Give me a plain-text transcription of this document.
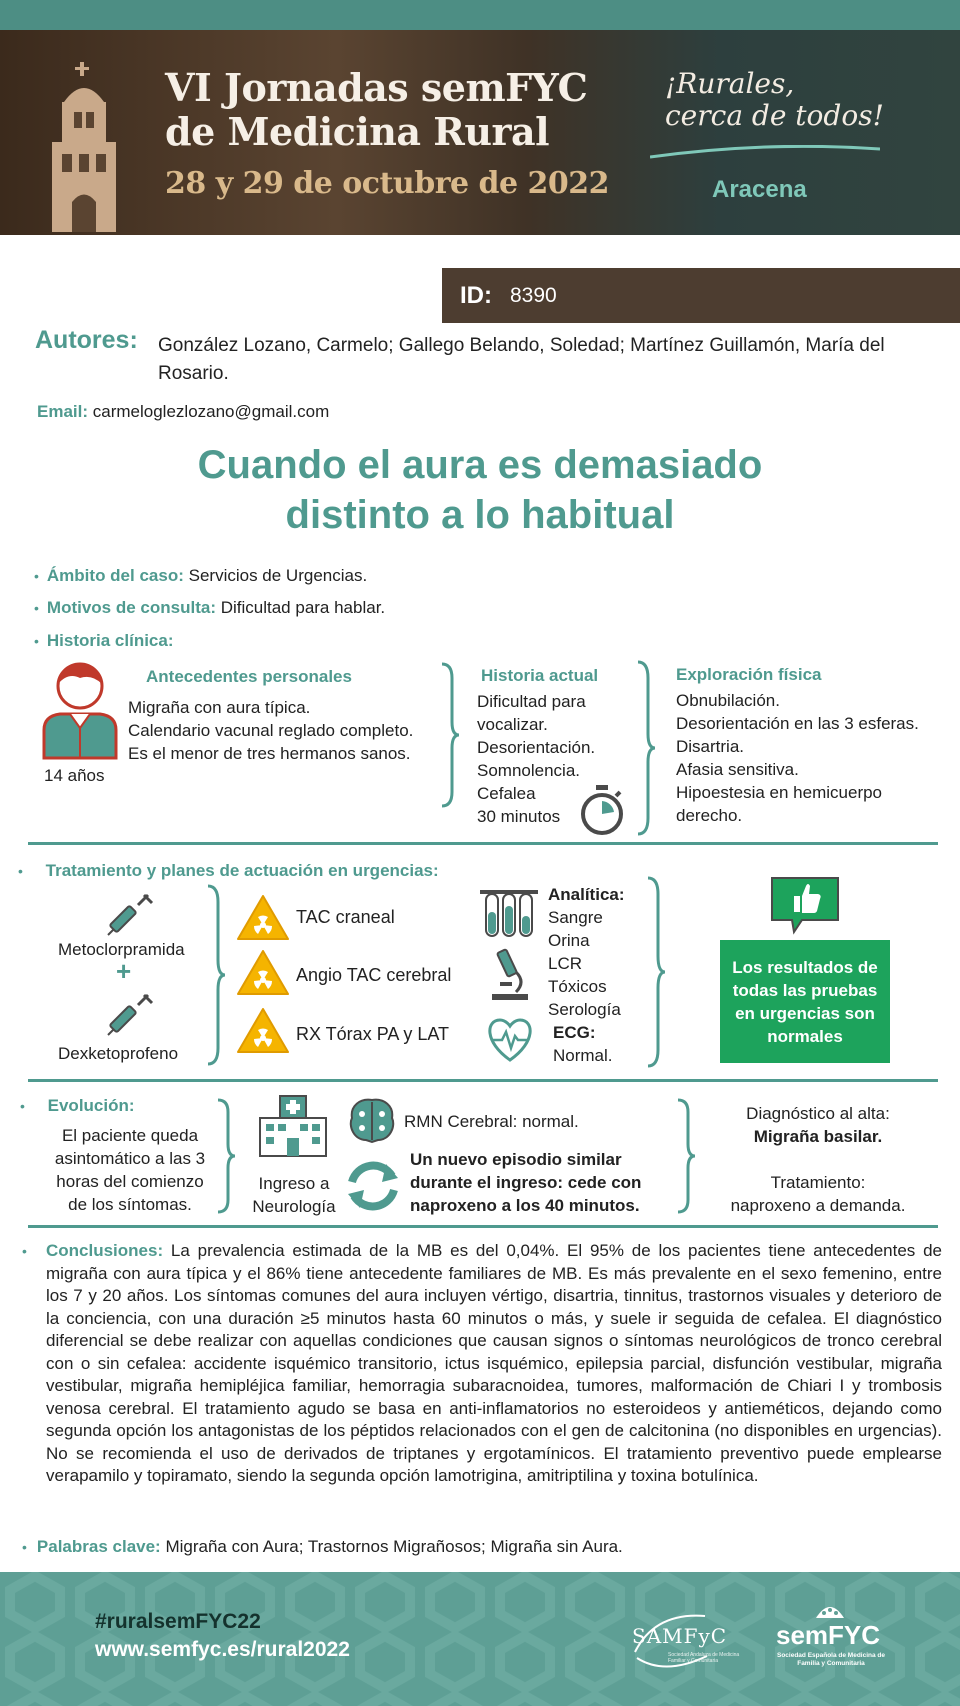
VI Jornadas semFYC
de Medicina Rural
28 y 29 de octubre de 2022
¡Rurales,
cerca de todos!
Aracena
ID: 8390
Autores: González Lozano, Carmelo; Gallego Belando, Soledad; Martínez Guillamón, María del Rosario.
Email: carmeloglezlozano@gmail.com
Cuando el aura es demasiado
distinto a lo habitual
• Ámbito del caso: Servicios de Urgencias.
• Motivos de consulta: Dificultad para hablar.
• Historia clínica:
14 años
Antecedentes personales
Migraña con aura típica.
Calendario vacunal reglado completo.
Es el menor de tres hermanos sanos.
Historia actual
Dificultad para
vocalizar.
Desorientación.
Somnolencia.
Cefalea
30 minutos
Exploración física
Obnubilación.
Desorientación en las 3 esferas.
Disartria.
Afasia sensitiva.
Hipoestesia en hemicuerpo
derecho.
• Tratamiento y planes de actuación en urgencias:
Metoclorpramida
+
Dexketoprofeno
TAC craneal
Angio TAC cerebral
RX Tórax PA y LAT
Analítica:
Sangre
Orina
LCR
Tóxicos
Serología
ECG:
Normal.
Los resultados de todas las pruebas en urgencias son normales
• Evolución:
El paciente queda
asintomático a las 3
horas del comienzo
de los síntomas.
Ingreso a
Neurología
RMN Cerebral: normal.
Un nuevo episodio similar
durante el ingreso: cede con
naproxeno a los 40 minutos.
Diagnóstico al alta:
Migraña basilar.
Tratamiento:
naproxeno a demanda.
• Conclusiones: La prevalencia estimada de la MB es del 0,04%. El 95% de los pacientes tiene antecedentes de migraña con aura típica y el 86% tiene antecedente familiares de MB. Es más prevalente en el sexo femenino, entre los 7 y 20 años. Los síntomas comunes del aura incluyen vértigo, disartria, tinnitus, trastornos visuales y deterioro de la conciencia, con una duración ≥5 minutos hasta 60 minutos o más, y suele ir seguida de cefalea. El diagnóstico diferencial se debe realizar con aquellas condiciones que causan signos o síntomas neurológicos de tronco cerebral con o sin cefalea: accidente isquémico transitorio, ictus isquémico, epilepsia parcial, disfunción vestibular, migraña vestibular, migraña hemipléjica familiar, hemorragia subaracnoidea, tumores, malformación de Chiari I y trombosis venosa cerebral. El tratamiento agudo se basa en anti-inflamatorios no esteroideos y antieméticos, dejando como segunda opción los antagonistas de los péptidos relacionados con el gen de calcitonina (no disponibles en urgencias). No se recomienda el uso de derivados de triptanes y ergotamínicos. El tratamiento preventivo puede emplearse verapamilo y topiramato, siendo la segunda opción lamotrigina, amitriptilina y toxina botulínica.

• Palabras clave: Migraña con Aura; Trastornos Migrañosos; Migraña sin Aura.
#ruralsemFYC22
www.semfyc.es/rural2022
SAMFyC
Sociedad Andaluza de Medicina Familiar y Comunitaria
semFYC
Sociedad Española de Medicina de Familia y Comunitaria
